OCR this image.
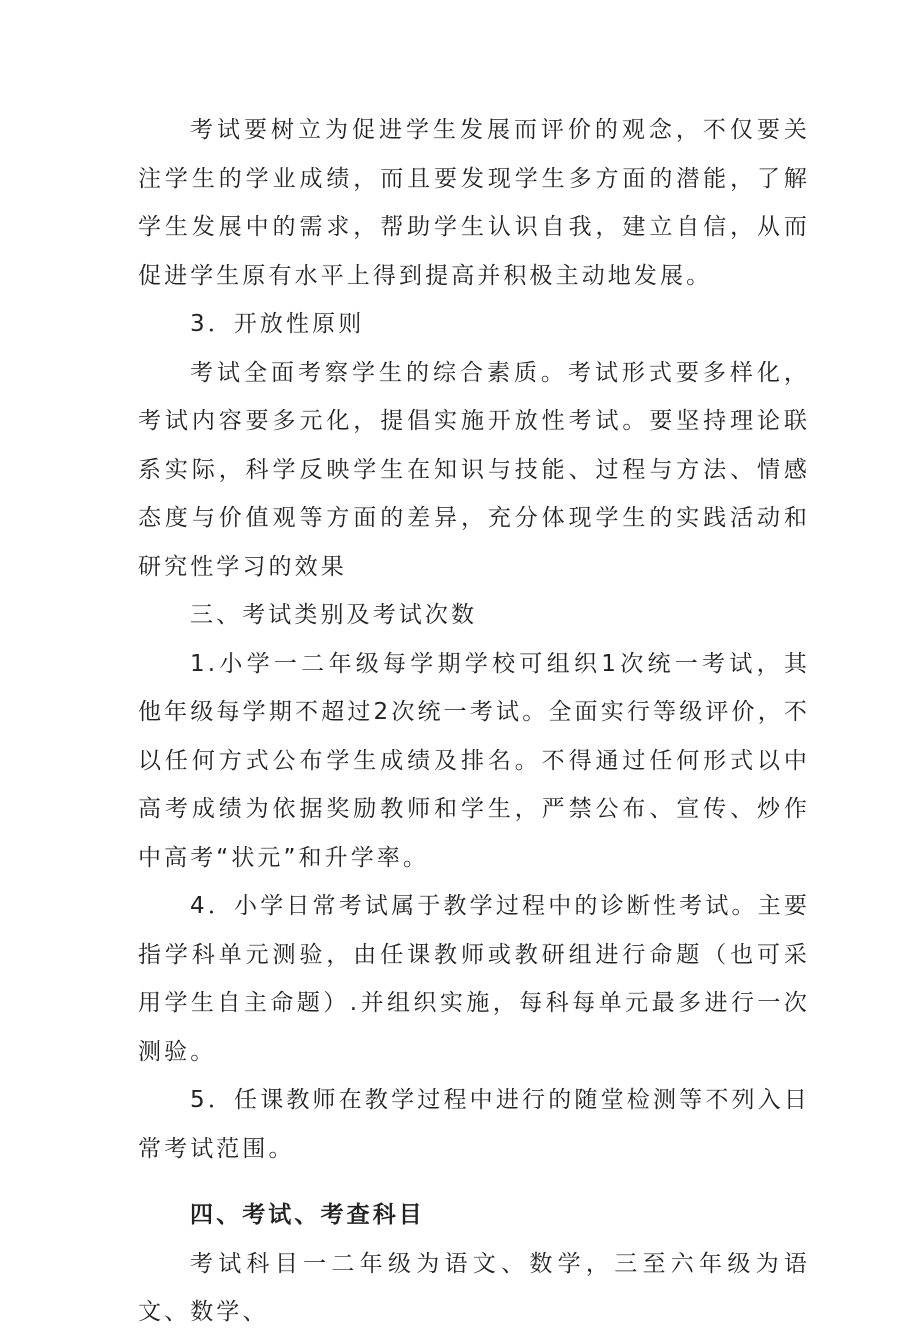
考试要树立为促进学生发展而评价的观念，不仅要关注学生的学业成绩，而且要发现学生多方面的潜能，了解学生发展中的需求，帮助学生认识自我，建立自信，从而促进学生原有水平上得到提高并积极主动地发展。

3．开放性原则

考试全面考察学生的综合素质。考试形式要多样化，考试内容要多元化，提倡实施开放性考试。要坚持理论联系实际，科学反映学生在知识与技能、过程与方法、情感态度与价值观等方面的差异，充分体现学生的实践活动和研究性学习的效果

三、考试类别及考试次数

1.小学一二年级每学期学校可组织1次统一考试，其他年级每学期不超过2次统一考试。全面实行等级评价，不以任何方式公布学生成绩及排名。不得通过任何形式以中高考成绩为依据奖励教师和学生，严禁公布、宣传、炒作中高考“状元”和升学率。

4．小学日常考试属于教学过程中的诊断性考试。主要指学科单元测验，由任课教师或教研组进行命题（也可采用学生自主命题）.并组织实施，每科每单元最多进行一次测验。

5．任课教师在教学过程中进行的随堂检测等不列入日常考试范围。

四、考试、考查科目

考试科目一二年级为语文、数学，三至六年级为语文、数学、
